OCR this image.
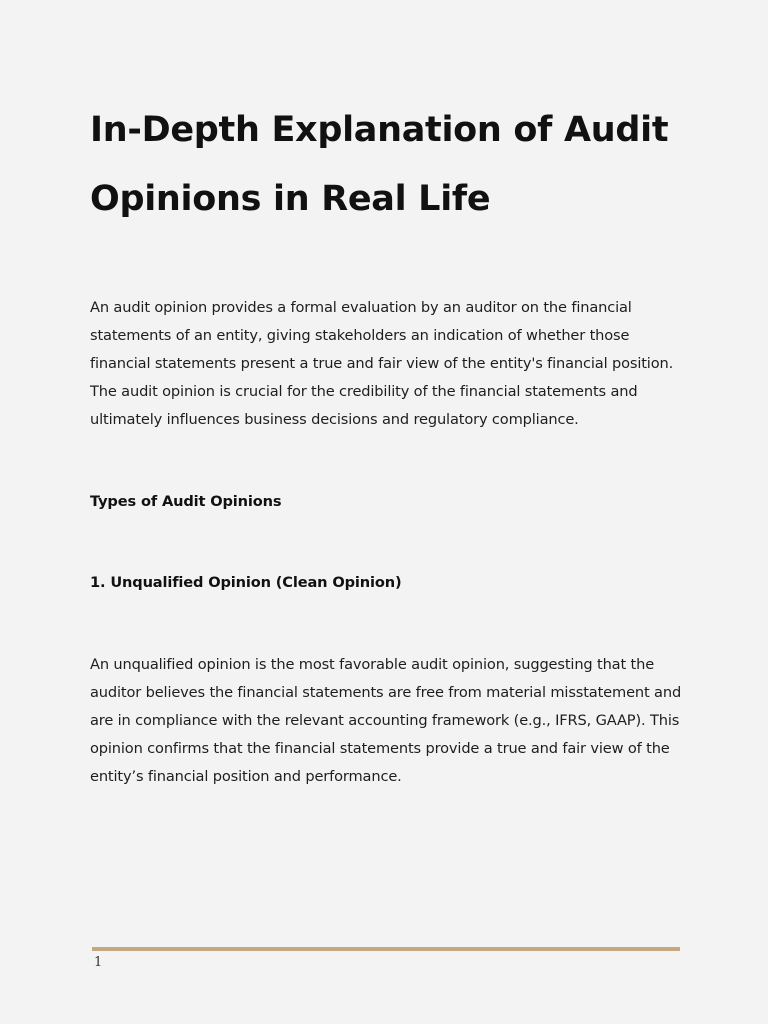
In-Depth Explanation of Audit Opinions in Real Life

An audit opinion provides a formal evaluation by an auditor on the financial statements of an entity, giving stakeholders an indication of whether those financial statements present a true and fair view of the entity's financial position. The audit opinion is crucial for the credibility of the financial statements and ultimately influences business decisions and regulatory compliance.

Types of Audit Opinions
1. Unqualified Opinion (Clean Opinion)

An unqualified opinion is the most favorable audit opinion, suggesting that the auditor believes the financial statements are free from material misstatement and are in compliance with the relevant accounting framework (e.g., IFRS, GAAP). This opinion confirms that the financial statements provide a true and fair view of the entity’s financial position and performance.

1
